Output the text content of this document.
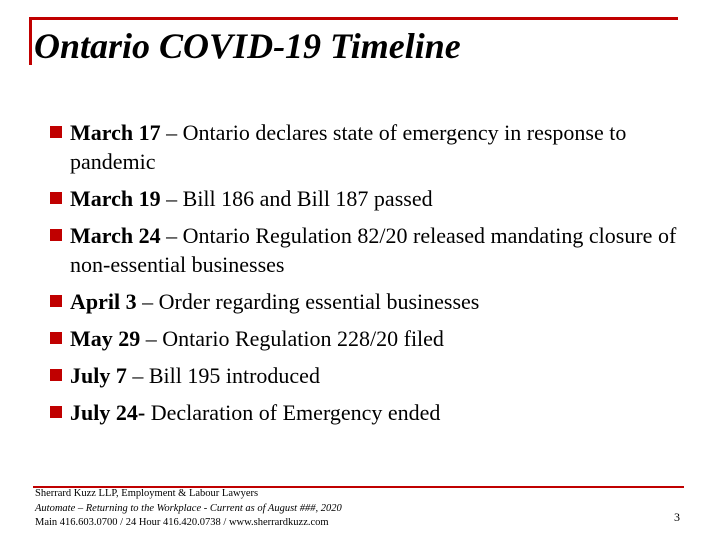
Ontario COVID-19 Timeline
March 17 – Ontario declares state of emergency in response to pandemic
March 19 – Bill 186 and Bill 187 passed
March 24 – Ontario Regulation 82/20 released mandating closure of non-essential businesses
April 3 – Order regarding essential businesses
May 29 – Ontario Regulation 228/20 filed
July 7 – Bill 195 introduced
July 24- Declaration of Emergency ended
Sherrard Kuzz LLP, Employment & Labour Lawyers
Automate – Returning to the Workplace - Current as of August ###, 2020
Main 416.603.0700 / 24 Hour 416.420.0738 / www.sherrardkuzz.com	3
